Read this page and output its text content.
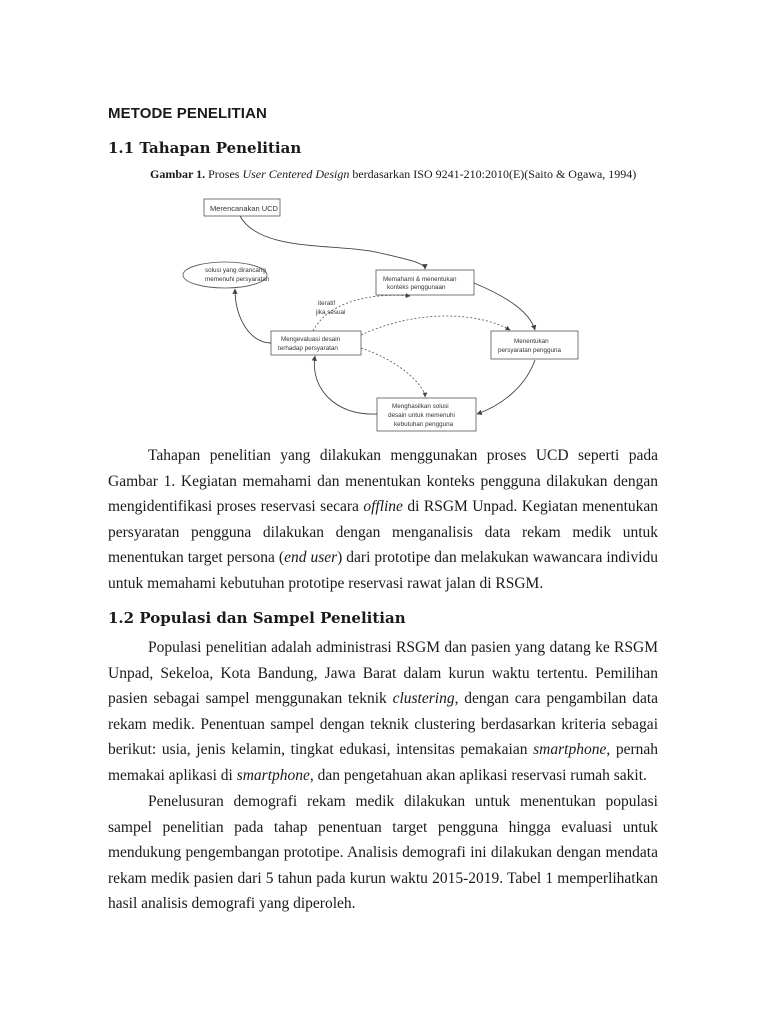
METODE PENELITIAN
1.1 Tahapan Penelitian
Gambar 1. Proses User Centered Design berdasarkan ISO 9241-210:2010(E)(Saito & Ogawa, 1994)
Merencanakan UCD
solusi yang dirancang
memenuhi persyaratan	Memahami & menentukan
konteks penggunaan
iteratif
jika sesuai
Mengevaluasi desain
terhadap persyaratan
Menentukan
persyaratan pengguna
Menghasilkan solusi
desain untuk memenuhi
kebutuhan pengguna

Tahapan penelitian yang dilakukan menggunakan proses UCD seperti pada Gambar 1. Kegiatan memahami dan menentukan konteks pengguna dilakukan dengan mengidentifikasi proses reservasi secara offline di RSGM Unpad. Kegiatan menentukan persyaratan pengguna dilakukan dengan menganalisis data rekam medik untuk menentukan target persona (end user) dari prototipe dan melakukan wawancara individu untuk memahami kebutuhan prototipe reservasi rawat jalan di RSGM.

1.2 Populasi dan Sampel Penelitian

Populasi penelitian adalah administrasi RSGM dan pasien yang datang ke RSGM Unpad, Sekeloa, Kota Bandung, Jawa Barat dalam kurun waktu tertentu. Pemilihan pasien sebagai sampel menggunakan teknik clustering, dengan cara pengambilan data rekam medik. Penentuan sampel dengan teknik clustering berdasarkan kriteria sebagai berikut: usia, jenis kelamin, tingkat edukasi, intensitas pemakaian smartphone, pernah memakai aplikasi di smartphone, dan pengetahuan akan aplikasi reservasi rumah sakit.

Penelusuran demografi rekam medik dilakukan untuk menentukan populasi sampel penelitian pada tahap penentuan target pengguna hingga evaluasi untuk mendukung pengembangan prototipe. Analisis demografi ini dilakukan dengan mendata rekam medik pasien dari 5 tahun pada kurun waktu 2015-2019. Tabel 1 memperlihatkan hasil analisis demografi yang diperoleh.
